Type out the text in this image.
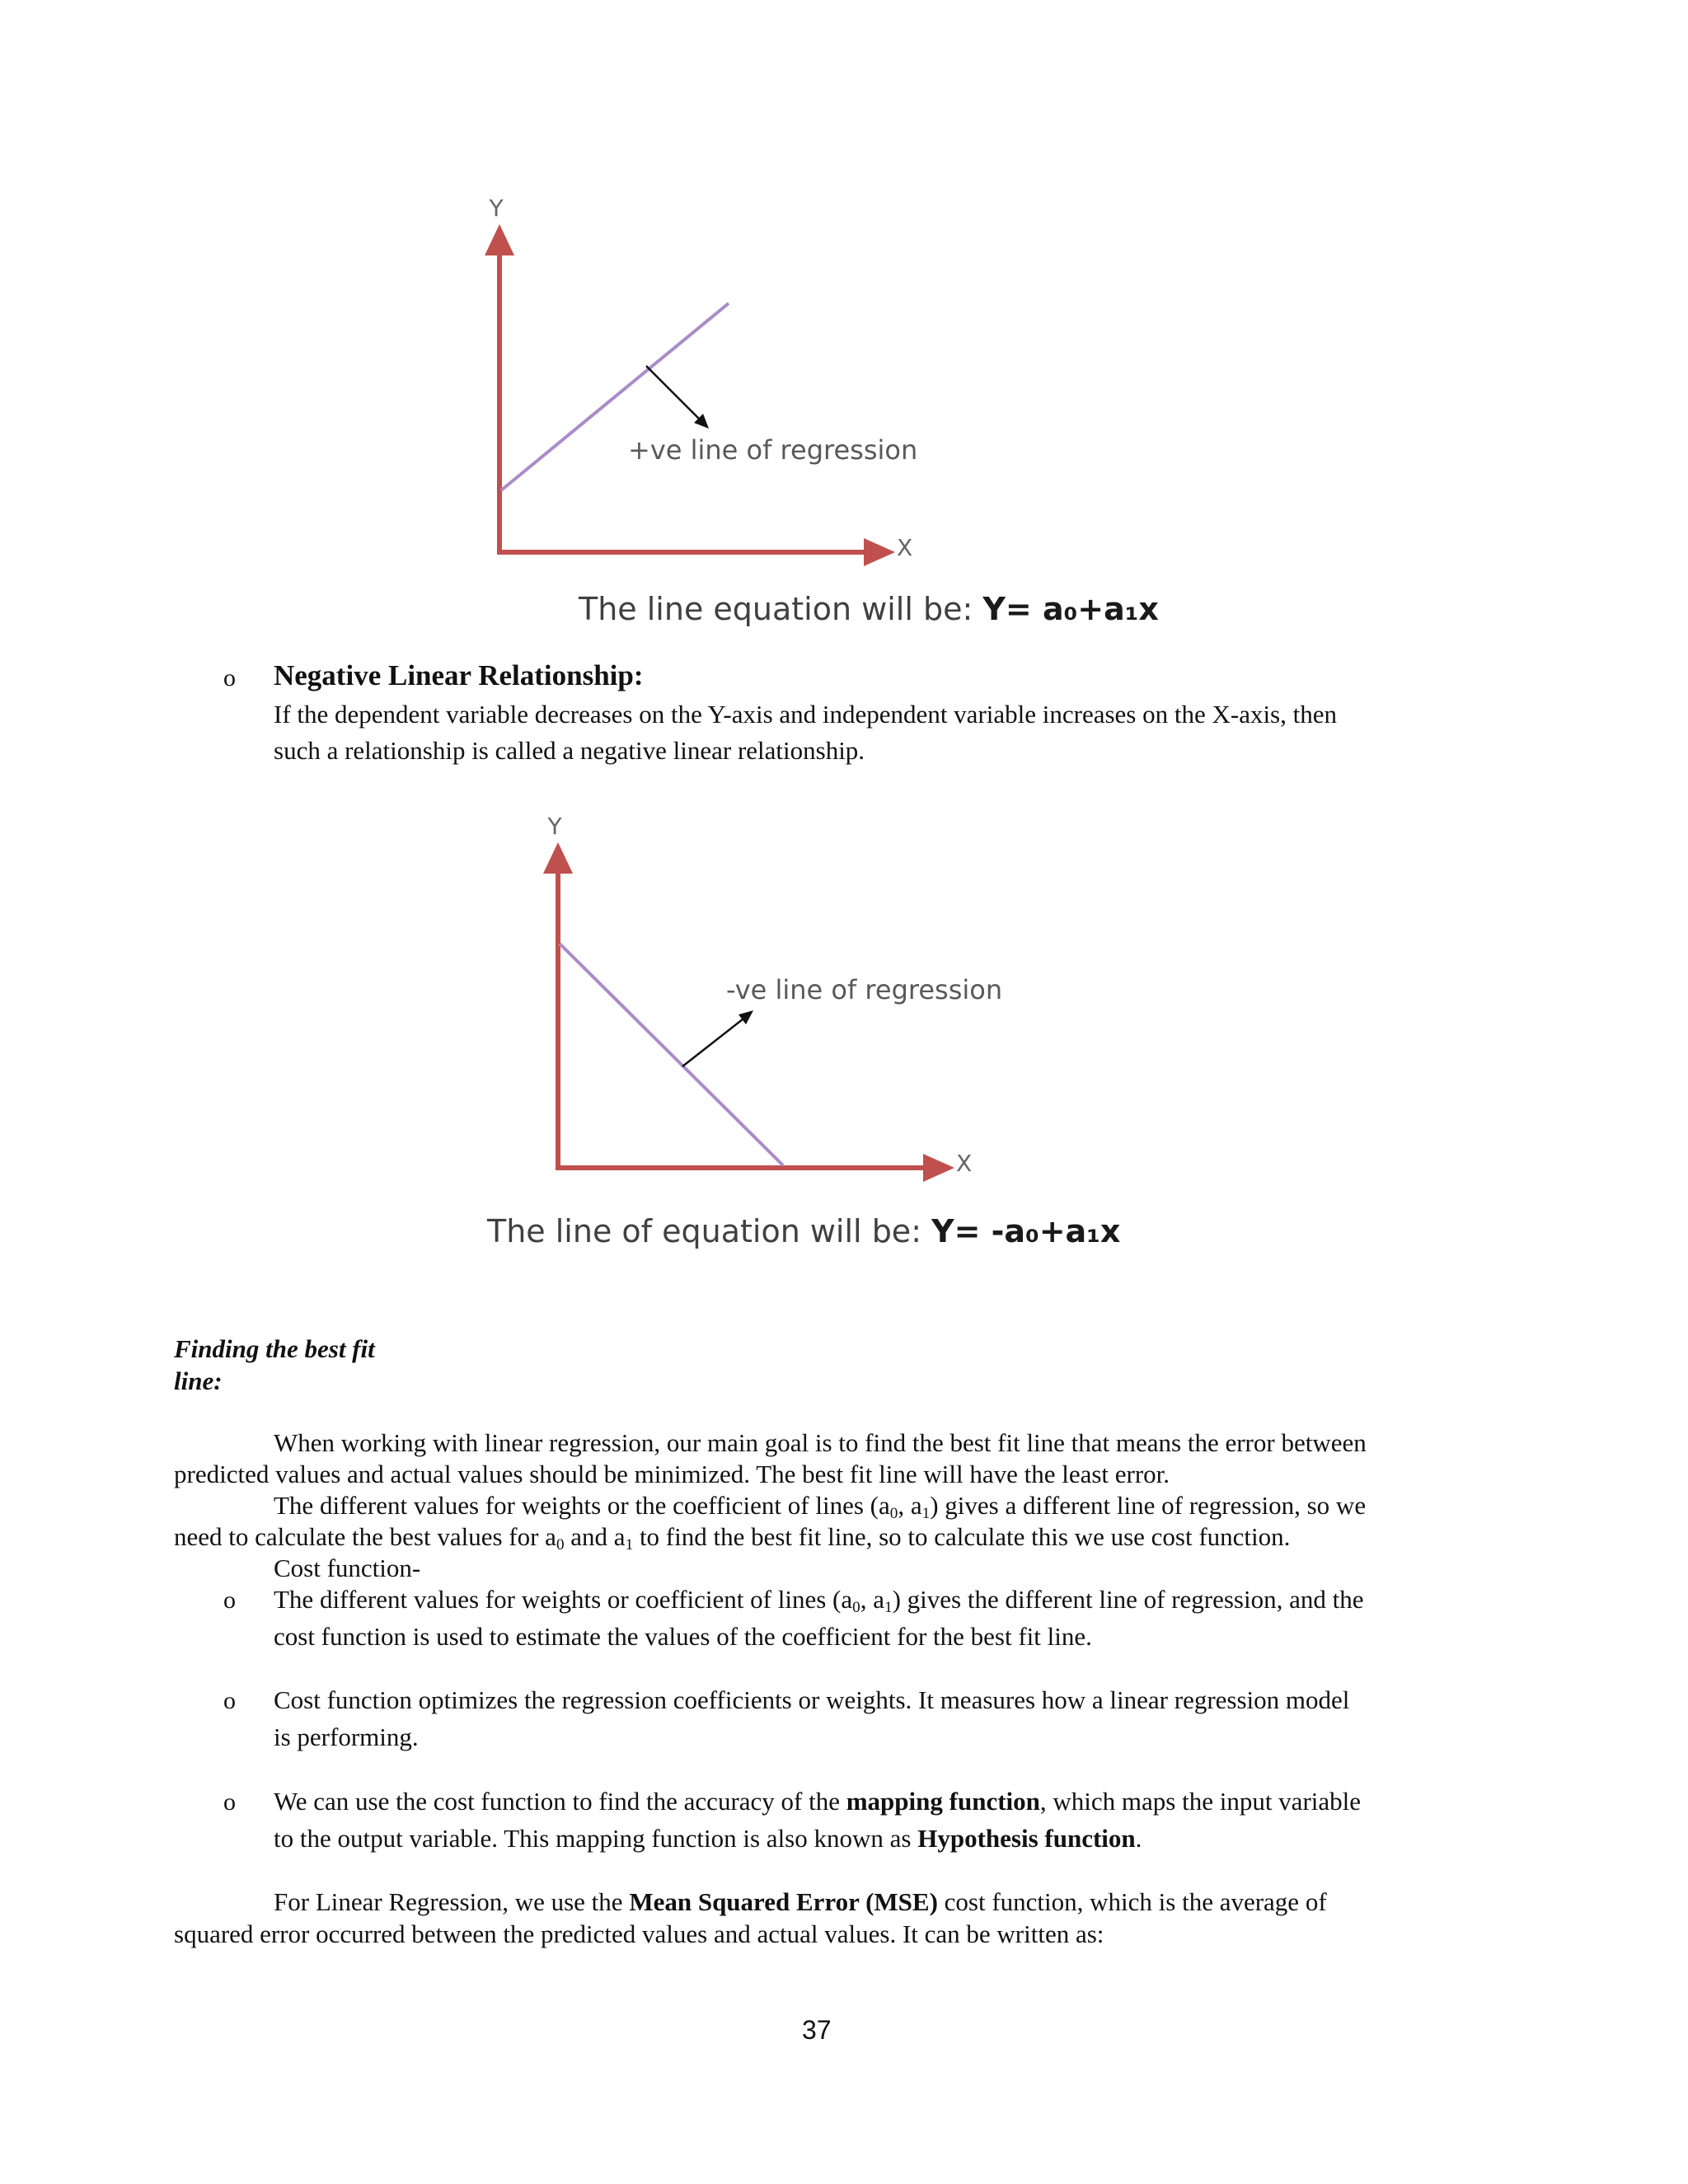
Y
X
+ve line of regression
The line equation will be: Y= a₀+a₁x
o Negative Linear Relationship:
If the dependent variable decreases on the Y-axis and independent variable increases on the X-axis, then
such a relationship is called a negative linear relationship.
Y
X
-ve line of regression
The line of equation will be: Y= -a₀+a₁x
Finding the best fit
line:
When working with linear regression, our main goal is to find the best fit line that means the error between
predicted values and actual values should be minimized. The best fit line will have the least error.
The different values for weights or the coefficient of lines ($a_0$, $a_1$) gives a different line of regression, so we
need to calculate the best values for $a_0$ and $a_1$ to find the best fit line, so to calculate this we use cost function.
Cost function-
o The different values for weights or coefficient of lines ($a_0$, $a_1$) gives the different line of regression, and the
cost function is used to estimate the values of the coefficient for the best fit line.
o Cost function optimizes the regression coefficients or weights. It measures how a linear regression model
is performing.
o We can use the cost function to find the accuracy of the mapping function, which maps the input variable
to the output variable. This mapping function is also known as Hypothesis function.
For Linear Regression, we use the Mean Squared Error (MSE) cost function, which is the average of
squared error occurred between the predicted values and actual values. It can be written as:
37
